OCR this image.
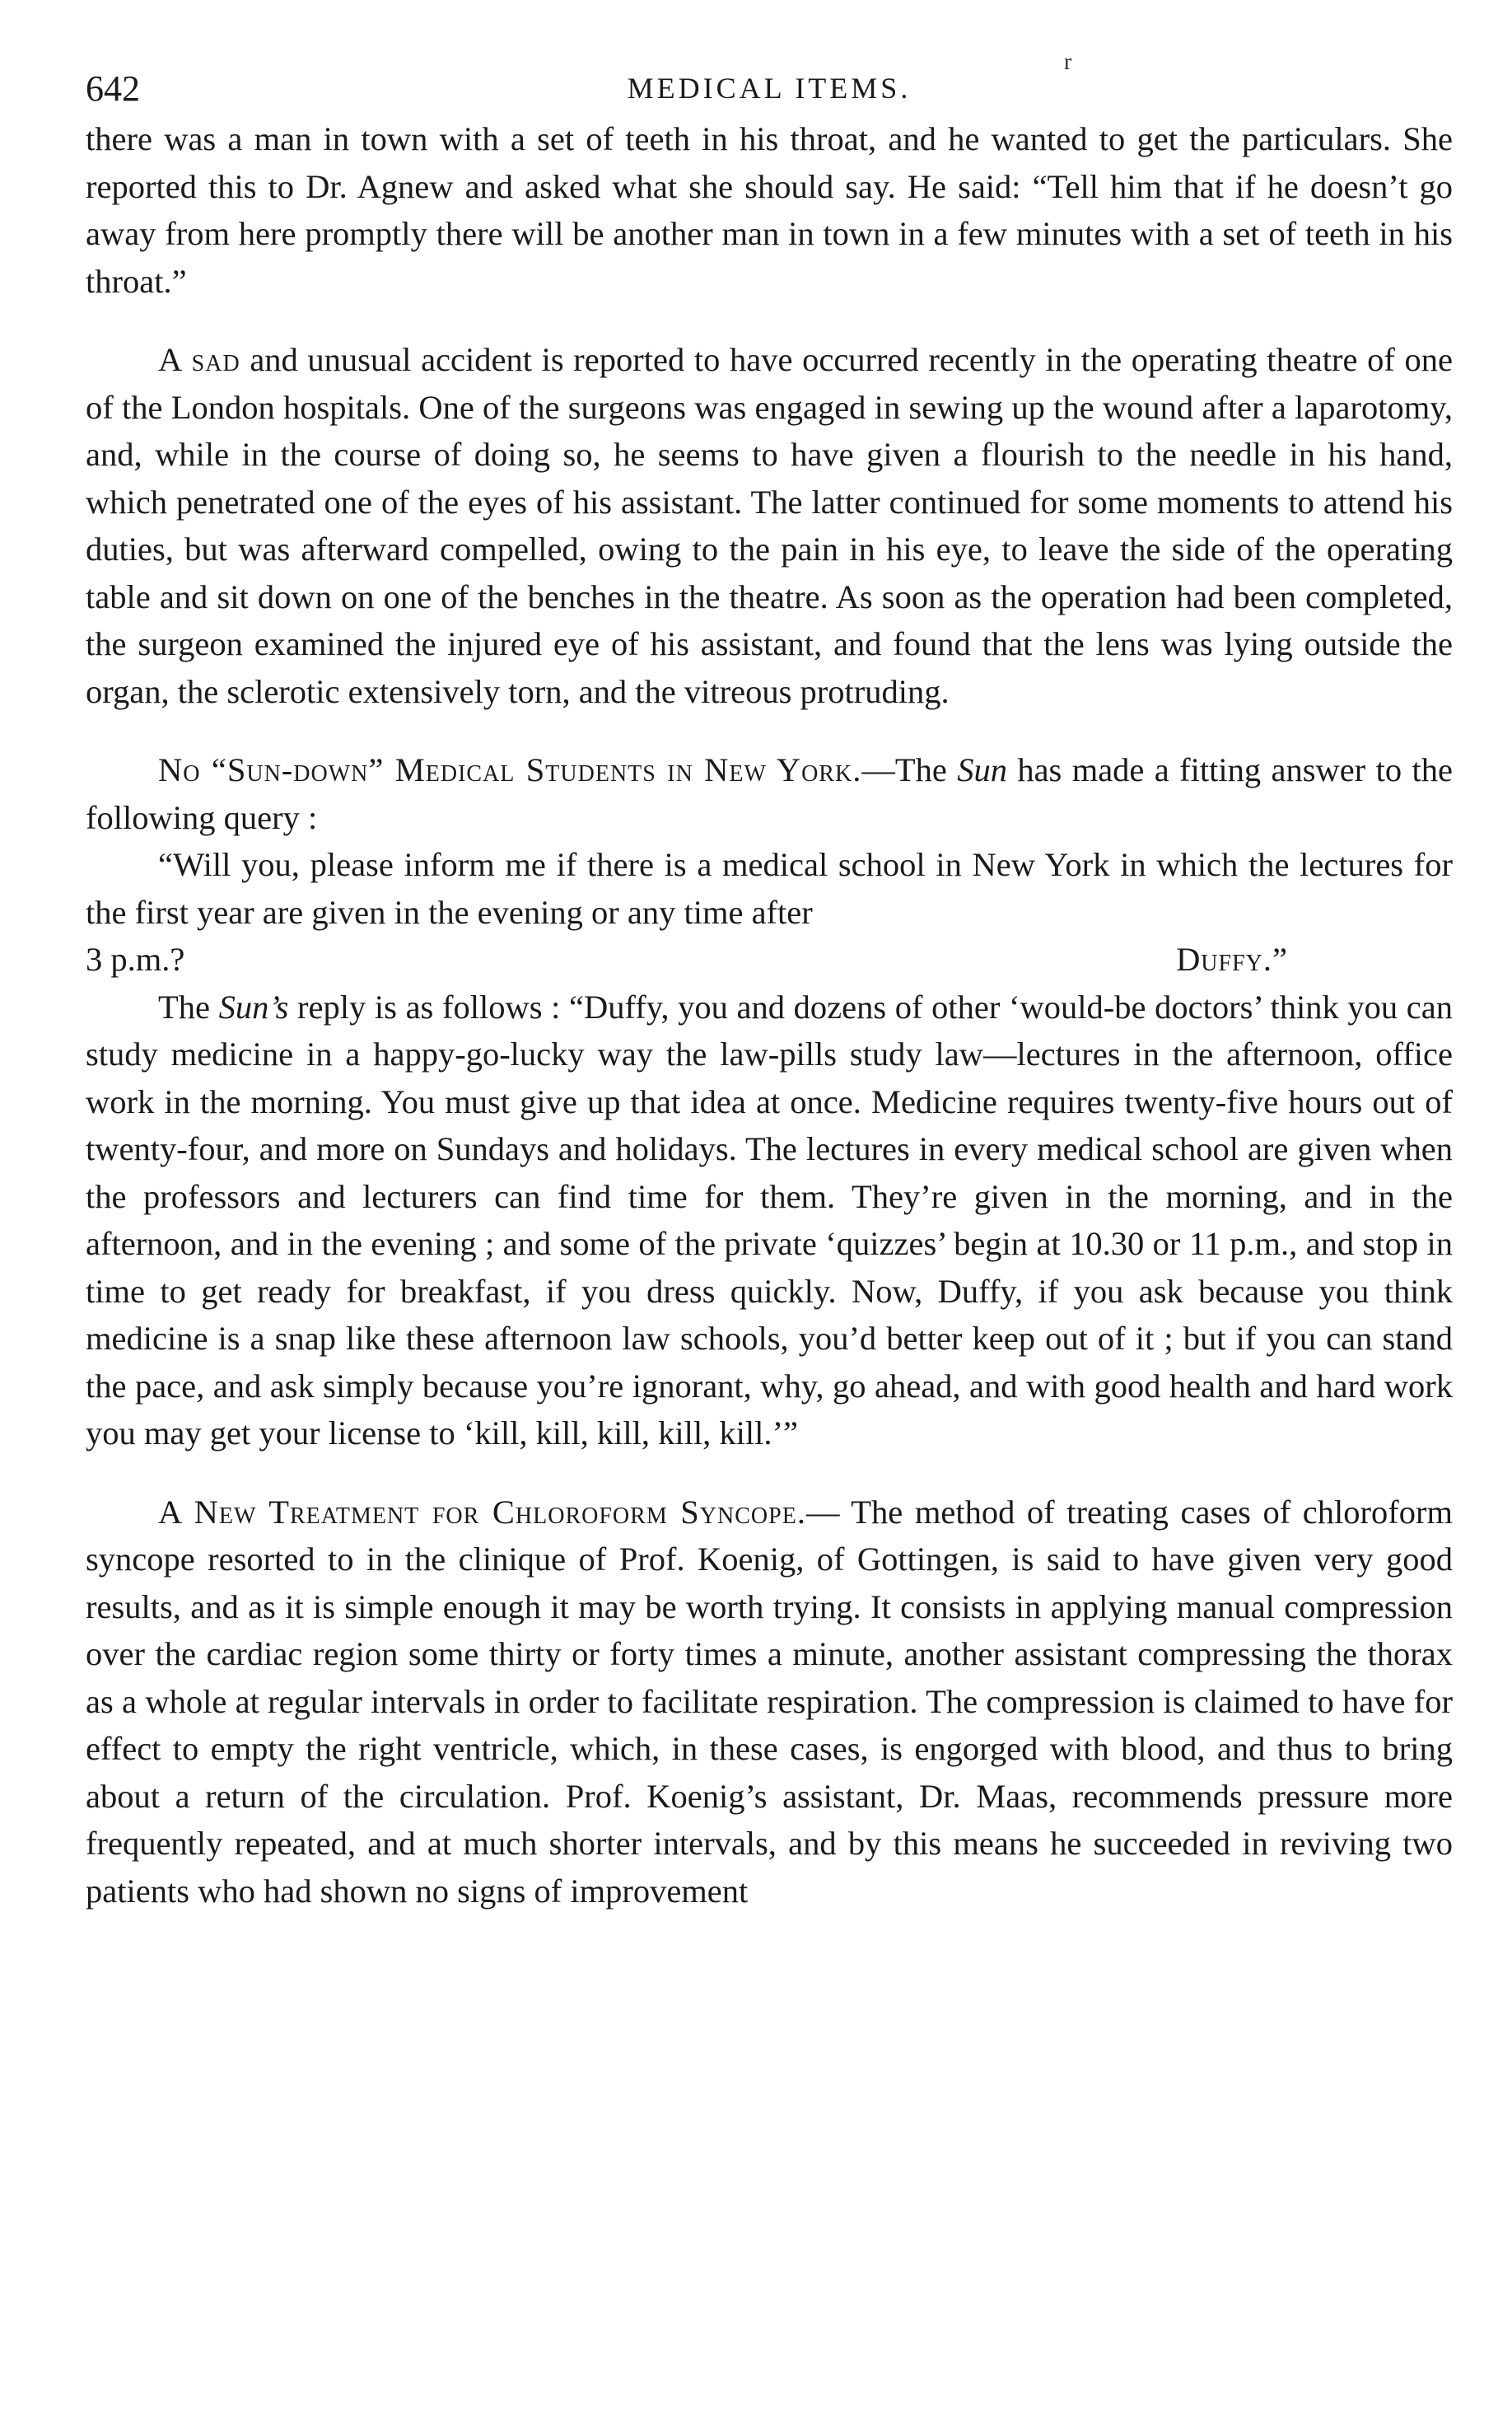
642	MEDICAL ITEMS.
r

there was a man in town with a set of teeth in his throat, and he wanted to get the particulars. She reported this to Dr. Agnew and asked what she should say. He said: “Tell him that if he doesn’t go away from here promptly there will be another man in town in a few minutes with a set of teeth in his throat.”

A sad and unusual accident is reported to have occurred recently in the operating theatre of one of the London hospitals. One of the surgeons was engaged in sewing up the wound after a laparotomy, and, while in the course of doing so, he seems to have given a flourish to the needle in his hand, which penetrated one of the eyes of his assistant. The latter continued for some moments to attend his duties, but was afterward compelled, owing to the pain in his eye, to leave the side of the operating table and sit down on one of the benches in the theatre. As soon as the operation had been completed, the surgeon examined the injured eye of his assistant, and found that the lens was lying outside the organ, the sclerotic extensively torn, and the vitreous protruding.

No “Sun-down” Medical Students in New York.—The Sun has made a fitting answer to the following query :

“Will you, please inform me if there is a medical school in New York in which the lectures for the first year are given in the evening or any time after

3 p.m.?	Duffy.”

The Sun’s reply is as follows : “Duffy, you and dozens of other ‘would-be doctors’ think you can study medicine in a happy-go-lucky way the law-pills study law—lectures in the afternoon, office work in the morning. You must give up that idea at once. Medicine requires twenty-five hours out of twenty-four, and more on Sundays and holidays. The lectures in every medical school are given when the professors and lecturers can find time for them. They’re given in the morning, and in the afternoon, and in the evening ; and some of the private ‘quizzes’ begin at 10.30 or 11 p.m., and stop in time to get ready for breakfast, if you dress quickly. Now, Duffy, if you ask because you think medicine is a snap like these afternoon law schools, you’d better keep out of it ; but if you can stand the pace, and ask simply because you’re ignorant, why, go ahead, and with good health and hard work you may get your license to ‘kill, kill, kill, kill, kill.’”

A New Treatment for Chloroform Syncope.— The method of treating cases of chloroform syncope resorted to in the clinique of Prof. Koenig, of Gottingen, is said to have given very good results, and as it is simple enough it may be worth trying. It consists in applying manual compression over the cardiac region some thirty or forty times a minute, another assistant compressing the thorax as a whole at regular intervals in order to facilitate respiration. The compression is claimed to have for effect to empty the right ventricle, which, in these cases, is engorged with blood, and thus to bring about a return of the circulation. Prof. Koenig’s assistant, Dr. Maas, recommends pressure more frequently repeated, and at much shorter intervals, and by this means he succeeded in reviving two patients who had shown no signs of improvement
